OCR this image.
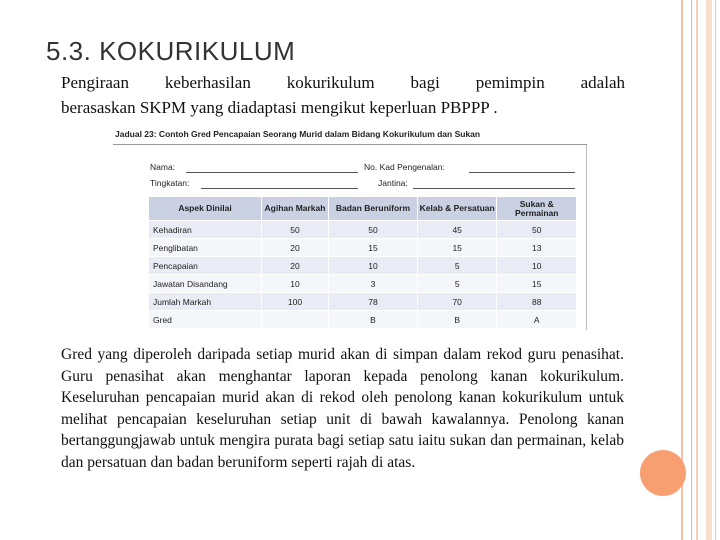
5.3. KOKURIKULUM
Pengiraan keberhasilan kokurikulum bagi pemimpin adalah
berasaskan SKPM yang diadaptasi mengikut keperluan PBPPP .
Jadual 23: Contoh Gred Pencapaian Seorang Murid dalam Bidang Kokurikulum dan Sukan
Nama:	No. Kad Pengenalan:
Tingkatan:	Jantina:
Aspek Dinilai	Agihan Markah	Badan Beruniform	Kelab & Persatuan	Sukan & Permainan
Kehadiran	50	50	45	50
Penglibatan	20	15	15	13
Pencapaian	20	10	5	10
Jawatan Disandang	10	3	5	15
Jumlah Markah	100	78	70	88
Gred		B	B	A
Gred yang diperoleh daripada setiap murid akan di simpan dalam rekod guru penasihat. Guru penasihat akan menghantar laporan kepada penolong kanan kokurikulum. Keseluruhan pencapaian murid akan di rekod oleh penolong kanan kokurikulum untuk melihat pencapaian keseluruhan setiap unit di bawah kawalannya. Penolong kanan bertanggungjawab untuk mengira purata bagi setiap satu iaitu sukan dan permainan, kelab dan persatuan dan badan beruniform seperti rajah di atas.
